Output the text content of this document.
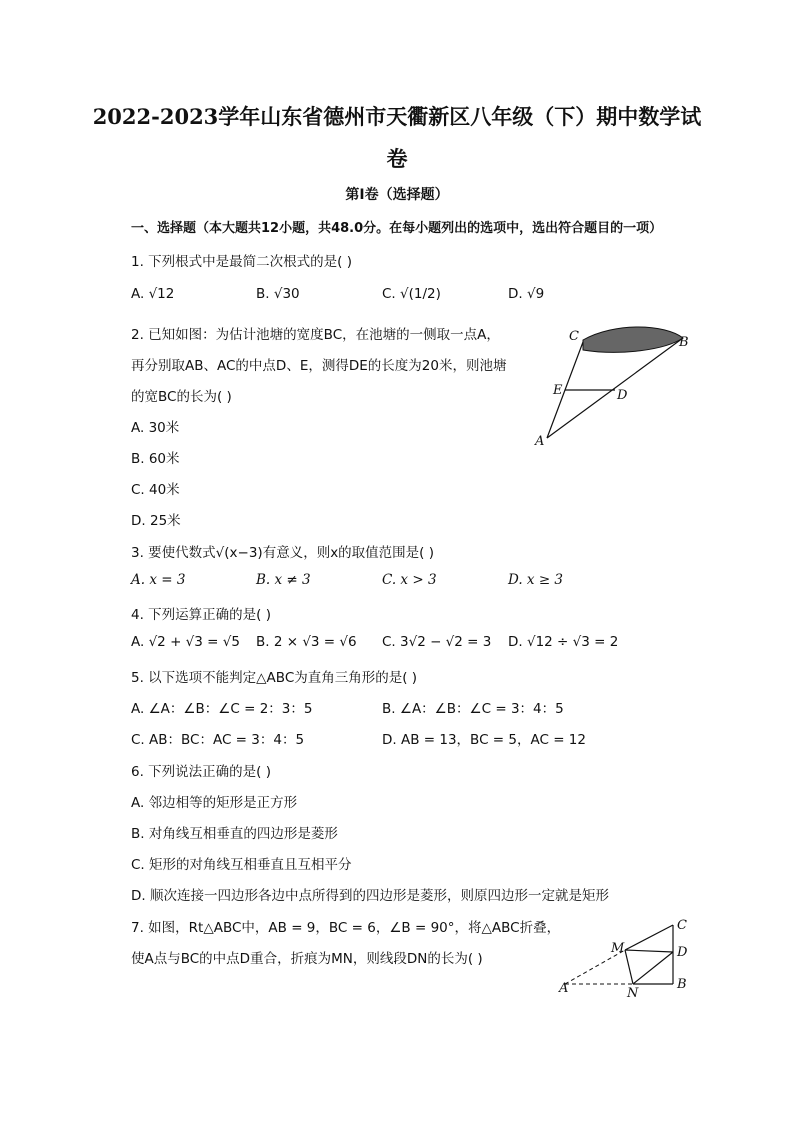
2022-2023学年山东省德州市天衢新区八年级（下）期中数学试
卷
第Ⅰ卷（选择题）
一、选择题（本大题共12小题，共48.0分。在每小题列出的选项中，选出符合题目的一项）
1. 下列根式中是最简二次根式的是( )
A. √12	B. √30	C. √(1/2)	D. √9
2. 已知如图：为估计池塘的宽度BC，在池塘的一侧取一点A，
再分别取AB、AC的中点D、E，测得DE的长度为20米，则池塘
的宽BC的长为( )
A. 30米
B. 60米
C. 40米
D. 25米
C	B
E	D
A
3. 要使代数式√(x−3)有意义，则x的取值范围是( )
A. x = 3	B. x ≠ 3	C. x > 3	D. x ≥ 3
4. 下列运算正确的是( )
A. √2 + √3 = √5 B. 2 × √3 = √6 C. 3√2 − √2 = 3 D. √12 ÷ √3 = 2
5. 以下选项不能判定△ABC为直角三角形的是( )
A. ∠A：∠B：∠C = 2：3：5	B. ∠A：∠B：∠C = 3：4：5
C. AB：BC：AC = 3：4：5	D. AB = 13，BC = 5，AC = 12
6. 下列说法正确的是( )
A. 邻边相等的矩形是正方形
B. 对角线互相垂直的四边形是菱形
C. 矩形的对角线互相垂直且互相平分
D. 顺次连接一四边形各边中点所得到的四边形是菱形，则原四边形一定就是矩形
7. 如图，Rt△ABC中，AB = 9，BC = 6，∠B = 90°，将△ABC折叠，
使A点与BC的中点D重合，折痕为MN，则线段DN的长为( )
C
M	D
A	N
B
